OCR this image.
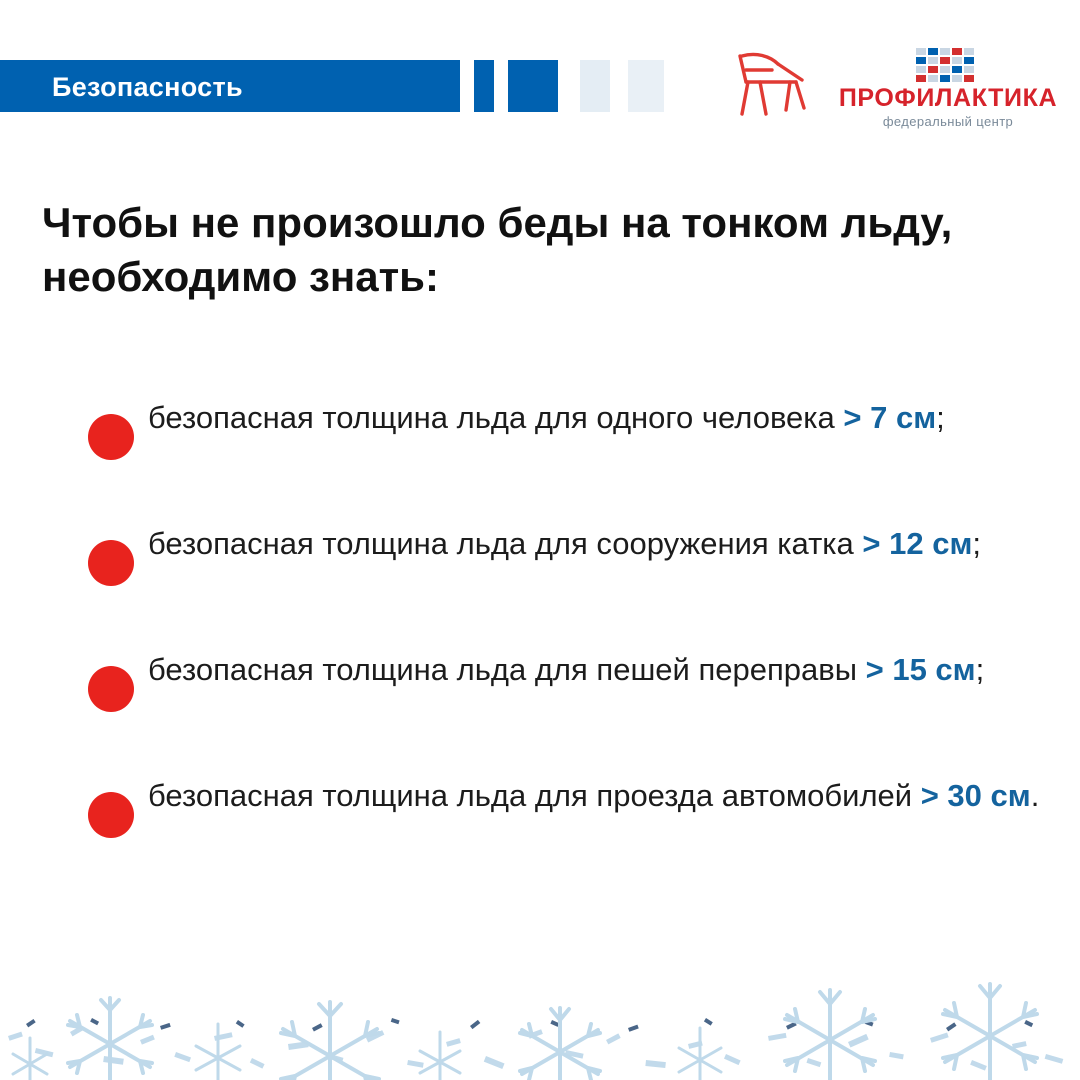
Безопасность	ПРОФИЛАКТИКА
федеральный центр
Чтобы не произошло беды на тонком льду, необходимо знать:
безопасная толщина льда для одного человека > 7 см;
безопасная толщина льда для сооружения катка > 12 см;
безопасная толщина льда для пешей переправы > 15 см;
безопасная толщина льда для проезда автомобилей > 30 см.
